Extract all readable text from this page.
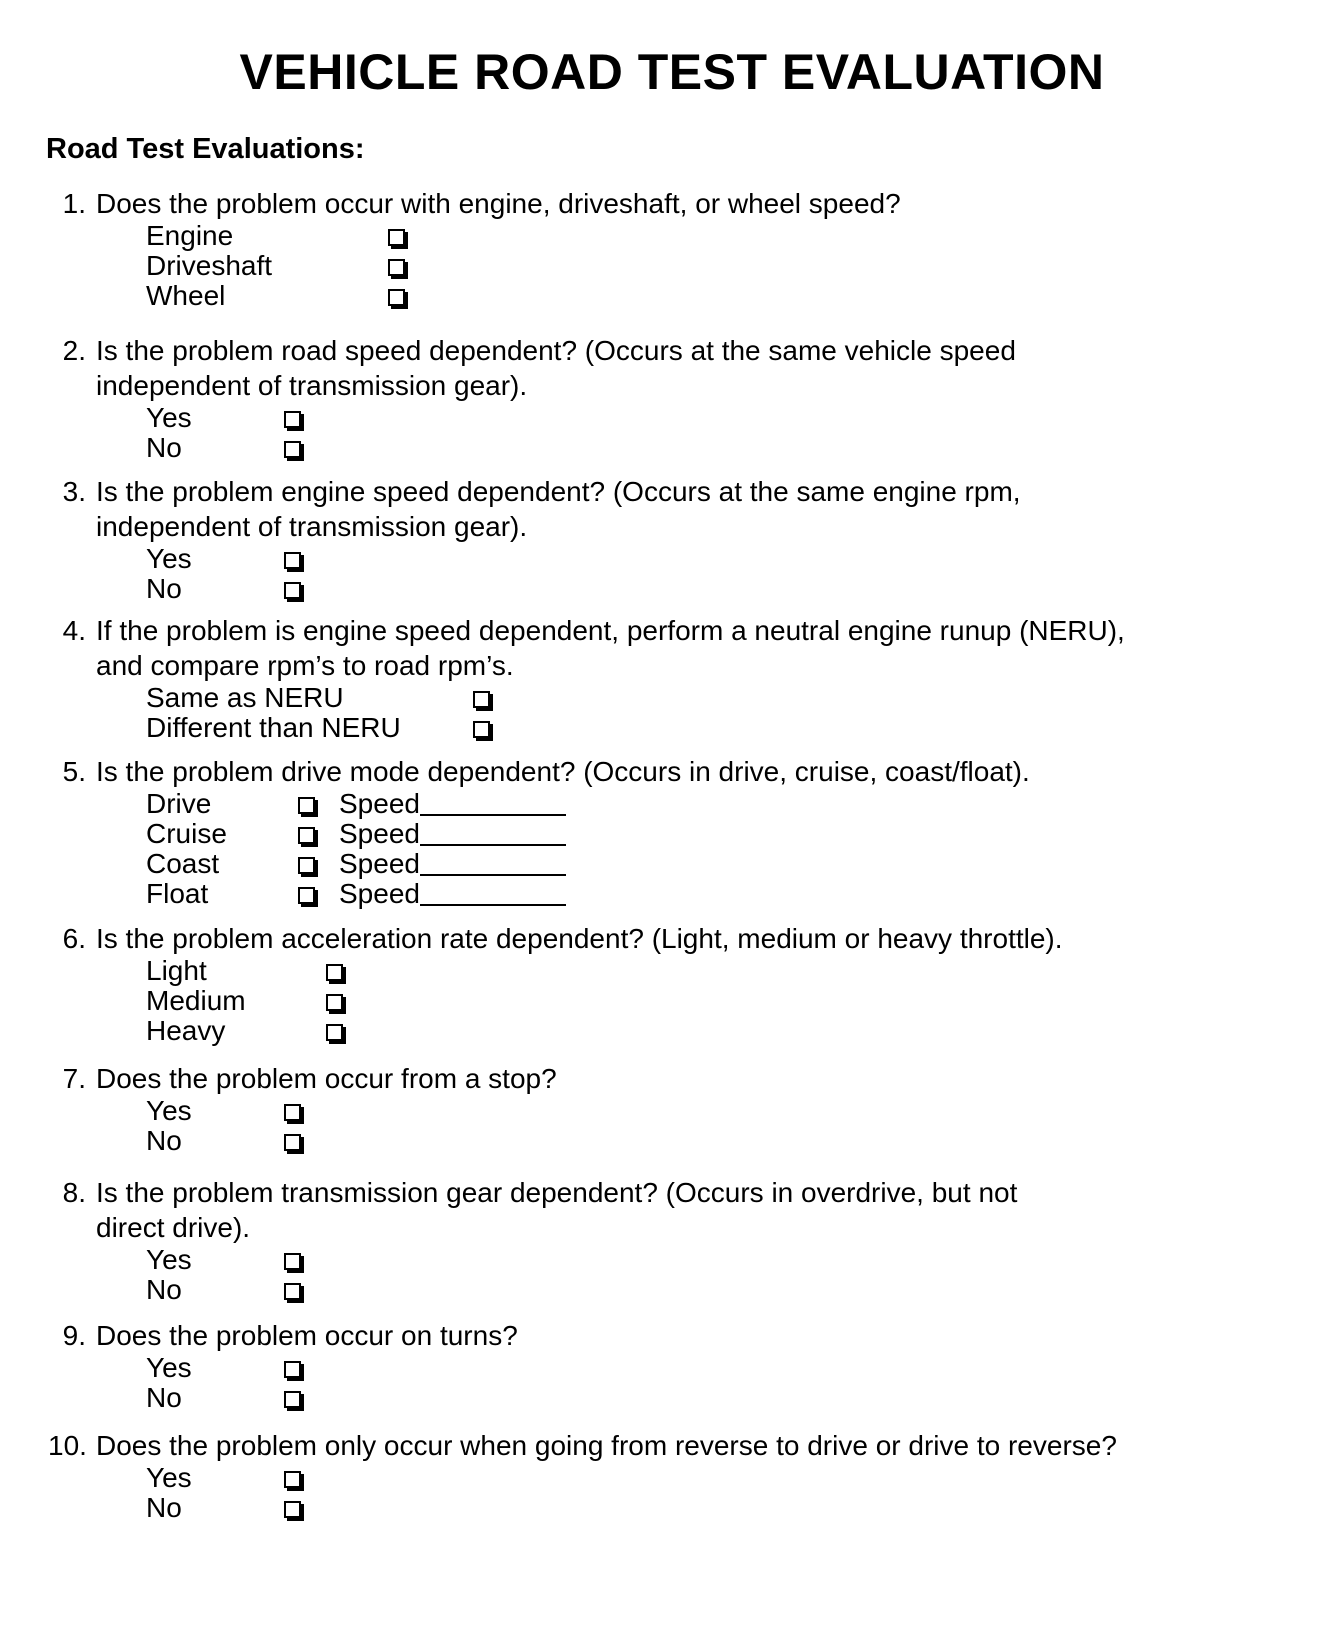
VEHICLE ROAD TEST EVALUATION
Road Test Evaluations:
1. Does the problem occur with engine, driveshaft, or wheel speed?
Engine
Driveshaft
Wheel
2. Is the problem road speed dependent? (Occurs at the same vehicle speed
independent of transmission gear).
Yes
No
3. Is the problem engine speed dependent? (Occurs at the same engine rpm,
independent of transmission gear).
Yes
No
4. If the problem is engine speed dependent, perform a neutral engine runup (NERU),
and compare rpm’s to road rpm’s.
Same as NERU
Different than NERU
5. Is the problem drive mode dependent? (Occurs in drive, cruise, coast/float).
Drive	Speed
Cruise	Speed
Coast	Speed
Float	Speed
6. Is the problem acceleration rate dependent? (Light, medium or heavy throttle).
Light
Medium
Heavy
7. Does the problem occur from a stop?
Yes
No
8. Is the problem transmission gear dependent? (Occurs in overdrive, but not
direct drive).
Yes
No
9. Does the problem occur on turns?
Yes
No
10. Does the problem only occur when going from reverse to drive or drive to reverse?
Yes
No
